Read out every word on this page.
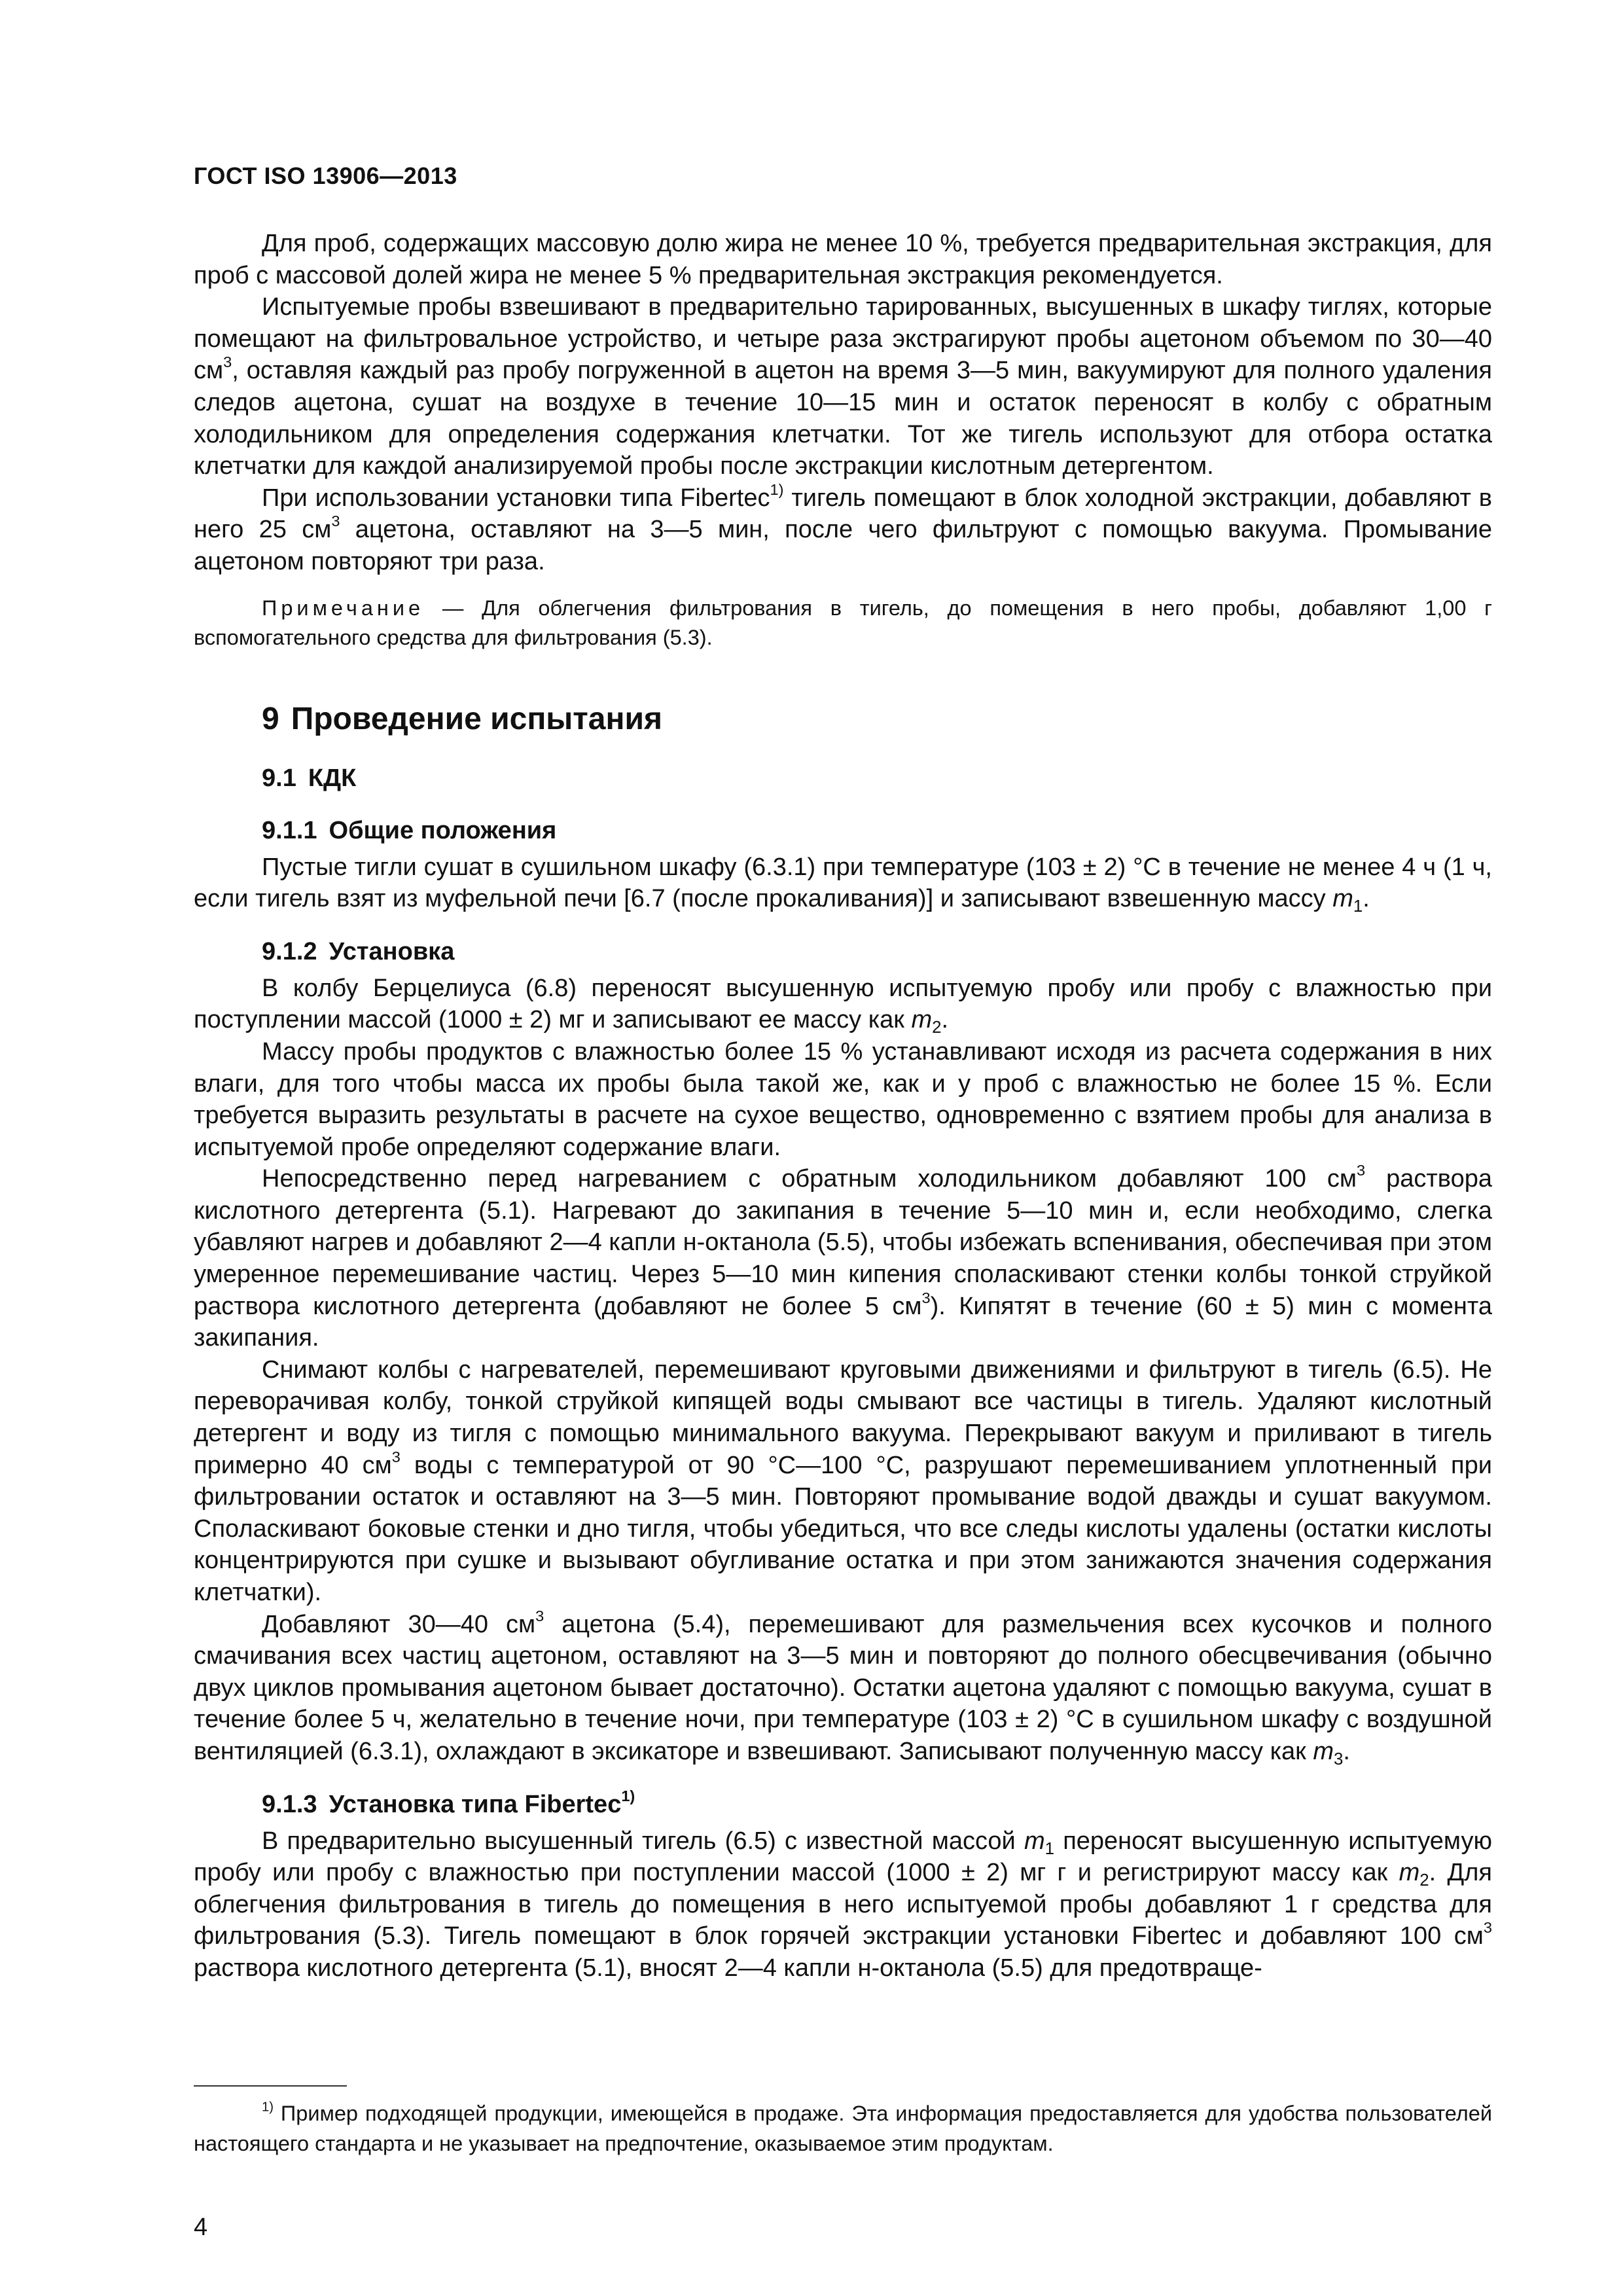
ГОСТ ISO 13906—2013

Для проб, содержащих массовую долю жира не менее 10 %, требуется предварительная экстракция, для проб с массовой долей жира не менее 5 % предварительная экстракция рекомендуется.

Испытуемые пробы взвешивают в предварительно тарированных, высушенных в шкафу тиглях, которые помещают на фильтровальное устройство, и четыре раза экстрагируют пробы ацетоном объемом по 30—40 $см^3$, оставляя каждый раз пробу погруженной в ацетон на время 3—5 мин, вакуумируют для полного удаления следов ацетона, сушат на воздухе в течение 10—15 мин и остаток переносят в колбу с обратным холодильником для определения содержания клетчатки. Тот же тигель используют для отбора остатка клетчатки для каждой анализируемой пробы после экстракции кислотным детергентом.

При использовании установки типа Fibertec$^{1)}$ тигель помещают в блок холодной экстракции, добавляют в него 25 $см^3$ ацетона, оставляют на 3—5 мин, после чего фильтруют с помощью вакуума. Промывание ацетоном повторяют три раза.

Примечание — Для облегчения фильтрования в тигель, до помещения в него пробы, добавляют 1,00 г вспомогательного средства для фильтрования (5.3).

9 Проведение испытания
9.1 КДК
9.1.1 Общие положения

Пустые тигли сушат в сушильном шкафу (6.3.1) при температуре (103 ± 2) °С в течение не менее 4 ч (1 ч, если тигель взят из муфельной печи [6.7 (после прокаливания)] и записывают взвешенную массу $m_1$.

9.1.2 Установка

В колбу Берцелиуса (6.8) переносят высушенную испытуемую пробу или пробу с влажностью при поступлении массой (1000 ± 2) мг и записывают ее массу как $m_2$.

Массу пробы продуктов с влажностью более 15 % устанавливают исходя из расчета содержания в них влаги, для того чтобы масса их пробы была такой же, как и у проб с влажностью не более 15 %. Если требуется выразить результаты в расчете на сухое вещество, одновременно с взятием пробы для анализа в испытуемой пробе определяют содержание влаги.

Непосредственно перед нагреванием с обратным холодильником добавляют 100 $см^3$ раствора кислотного детергента (5.1). Нагревают до закипания в течение 5—10 мин и, если необходимо, слегка убавляют нагрев и добавляют 2—4 капли н-октанола (5.5), чтобы избежать вспенивания, обеспечивая при этом умеренное перемешивание частиц. Через 5—10 мин кипения споласкивают стенки колбы тонкой струйкой раствора кислотного детергента (добавляют не более 5 $см^3$). Кипятят в течение (60 ± 5) мин с момента закипания.

Снимают колбы с нагревателей, перемешивают круговыми движениями и фильтруют в тигель (6.5). Не переворачивая колбу, тонкой струйкой кипящей воды смывают все частицы в тигель. Удаляют кислотный детергент и воду из тигля с помощью минимального вакуума. Перекрывают вакуум и приливают в тигель примерно 40 $см^3$ воды с температурой от 90 °С—100 °С, разрушают перемешиванием уплотненный при фильтровании остаток и оставляют на 3—5 мин. Повторяют промывание водой дважды и сушат вакуумом. Споласкивают боковые стенки и дно тигля, чтобы убедиться, что все следы кислоты удалены (остатки кислоты концентрируются при сушке и вызывают обугливание остатка и при этом занижаются значения содержания клетчатки).

Добавляют 30—40 $см^3$ ацетона (5.4), перемешивают для размельчения всех кусочков и полного смачивания всех частиц ацетоном, оставляют на 3—5 мин и повторяют до полного обесцвечивания (обычно двух циклов промывания ацетоном бывает достаточно). Остатки ацетона удаляют с помощью вакуума, сушат в течение более 5 ч, желательно в течение ночи, при температуре (103 ± 2) °С в сушильном шкафу с воздушной вентиляцией (6.3.1), охлаждают в эксикаторе и взвешивают. Записывают полученную массу как $m_3$.

9.1.3 Установка типа Fibertec$^{1)}$

В предварительно высушенный тигель (6.5) с известной массой $m_1$ переносят высушенную испытуемую пробу или пробу с влажностью при поступлении массой (1000 ± 2) мг г и регистрируют массу как $m_2$. Для облегчения фильтрования в тигель до помещения в него испытуемой пробы добавляют 1 г средства для фильтрования (5.3). Тигель помещают в блок горячей экстракции установки Fibertec и добавляют 100 $см^3$ раствора кислотного детергента (5.1), вносят 2—4 капли н-октанола (5.5) для предотвраще-

$^{1)}$ Пример подходящей продукции, имеющейся в продаже. Эта информация предоставляется для удобства пользователей настоящего стандарта и не указывает на предпочтение, оказываемое этим продуктам.

4
